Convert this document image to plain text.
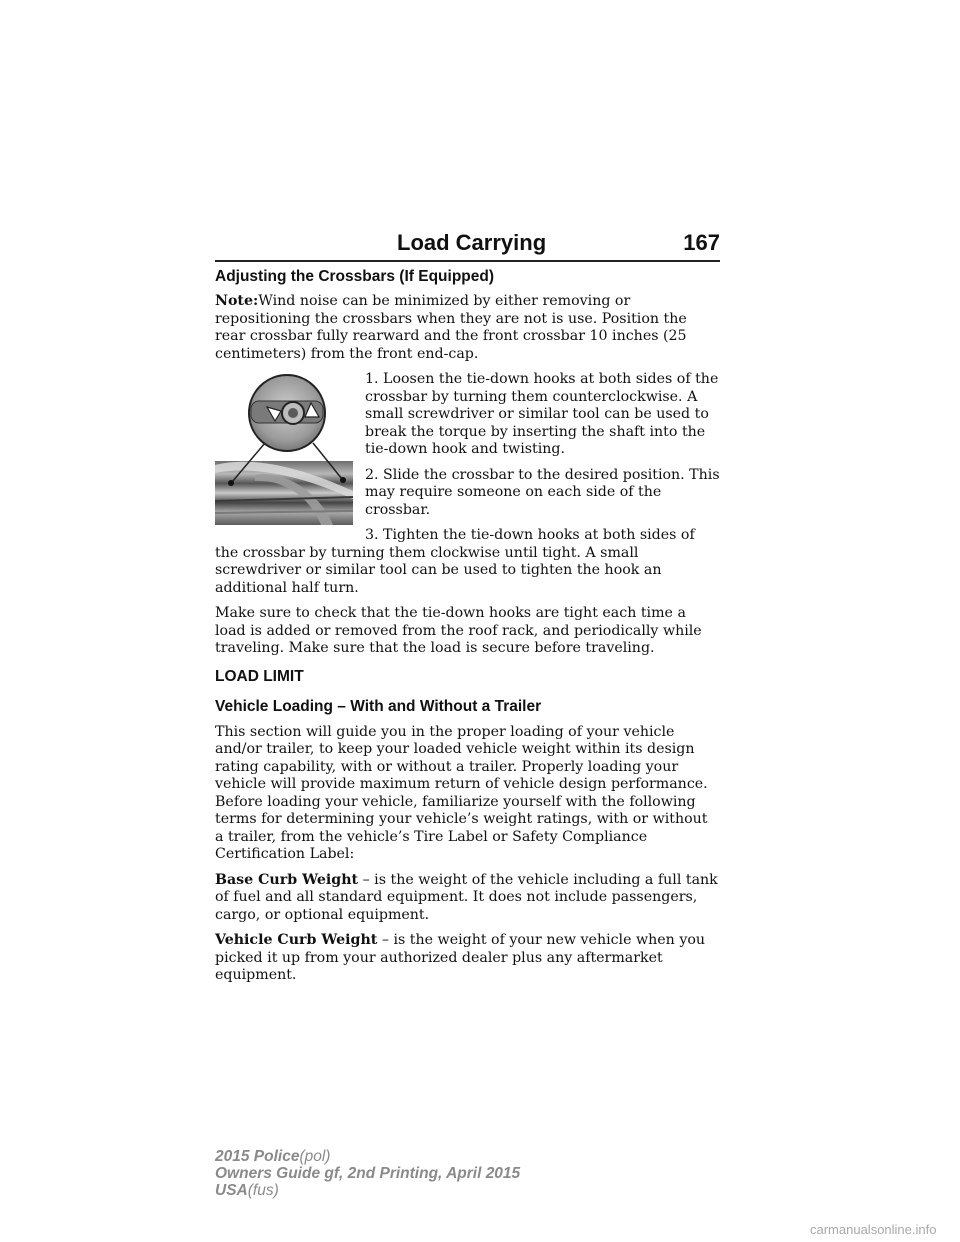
Load Carrying	167

Adjusting the Crossbars (If Equipped)

Note:Wind noise can be minimized by either removing or repositioning the crossbars when they are not is use. Position the rear crossbar fully rearward and the front crossbar 10 inches (25 centimeters) from the front end-cap.

1. Loosen the tie-down hooks at both sides of the crossbar by turning them counterclockwise. A small screwdriver or similar tool can be used to break the torque by inserting the shaft into the tie-down hook and twisting.

2. Slide the crossbar to the desired position. This may require someone on each side of the crossbar.

3. Tighten the tie-down hooks at both sides of the crossbar by turning them clockwise until tight. A small screwdriver or similar tool can be used to tighten the hook an additional half turn.

Make sure to check that the tie-down hooks are tight each time a load is added or removed from the roof rack, and periodically while traveling. Make sure that the load is secure before traveling.

LOAD LIMIT

Vehicle Loading – With and Without a Trailer

This section will guide you in the proper loading of your vehicle and/or trailer, to keep your loaded vehicle weight within its design rating capability, with or without a trailer. Properly loading your vehicle will provide maximum return of vehicle design performance. Before loading your vehicle, familiarize yourself with the following terms for determining your vehicle’s weight ratings, with or without a trailer, from the vehicle’s Tire Label or Safety Compliance Certification Label:

Base Curb Weight – is the weight of the vehicle including a full tank of fuel and all standard equipment. It does not include passengers, cargo, or optional equipment.

Vehicle Curb Weight – is the weight of your new vehicle when you picked it up from your authorized dealer plus any aftermarket equipment.

2015 Police(pol)
Owners Guide gf, 2nd Printing, April 2015
USA(fus)
carmanualsonline.info
